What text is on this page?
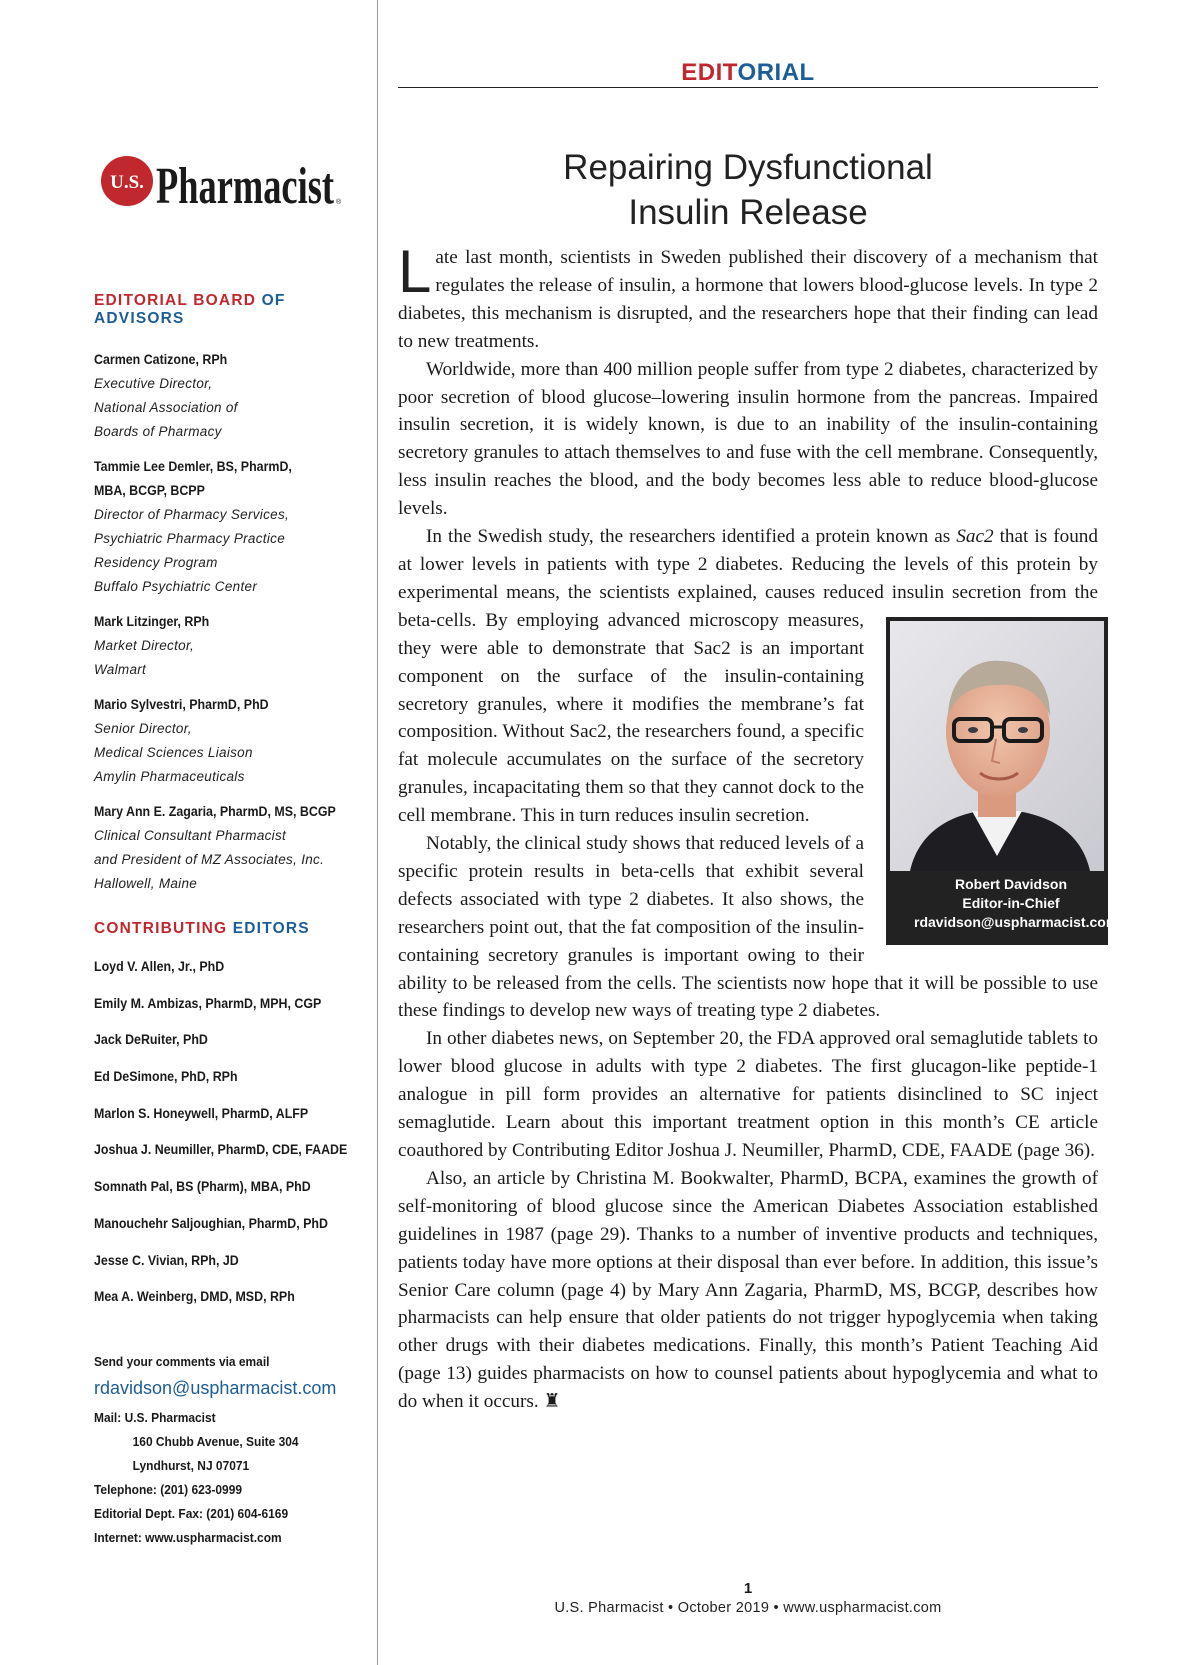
U.S. Pharmacist ®
EDITORIAL BOARD OF ADVISORS
Carmen Catizone, RPh
Executive Director,
National Association of
Boards of Pharmacy
Tammie Lee Demler, BS, PharmD,
MBA, BCGP, BCPP
Director of Pharmacy Services,
Psychiatric Pharmacy Practice
Residency Program
Buffalo Psychiatric Center
Mark Litzinger, RPh
Market Director,
Walmart
Mario Sylvestri, PharmD, PhD
Senior Director,
Medical Sciences Liaison
Amylin Pharmaceuticals
Mary Ann E. Zagaria, PharmD, MS, BCGP
Clinical Consultant Pharmacist
and President of MZ Associates, Inc.
Hallowell, Maine
CONTRIBUTING EDITORS
Loyd V. Allen, Jr., PhD
Emily M. Ambizas, PharmD, MPH, CGP
Jack DeRuiter, PhD
Ed DeSimone, PhD, RPh
Marlon S. Honeywell, PharmD, ALFP
Joshua J. Neumiller, PharmD, CDE, FAADE
Somnath Pal, BS (Pharm), MBA, PhD
Manouchehr Saljoughian, PharmD, PhD
Jesse C. Vivian, RPh, JD
Mea A. Weinberg, DMD, MSD, RPh
Send your comments via email
rdavidson@uspharmacist.com
Mail: U.S. Pharmacist
160 Chubb Avenue, Suite 304
Lyndhurst, NJ 07071
Telephone: (201) 623-0999
Editorial Dept. Fax: (201) 604-6169
Internet: www.uspharmacist.com
EDITORIAL
Repairing Dysfunctional
Insulin Release

Late last month, scientists in Sweden published their discovery of a mechanism that regulates the release of insulin, a hormone that lowers blood-glucose levels. In type 2 diabetes, this mechanism is disrupted, and the researchers hope that their finding can lead to new treatments.

Worldwide, more than 400 million people suffer from type 2 diabetes, characterized by poor secretion of blood glucose–lowering insulin hormone from the pancreas. Impaired insulin secretion, it is widely known, is due to an inability of the insulin-containing secretory granules to attach themselves to and fuse with the cell membrane. Consequently, less insulin reaches the blood, and the body becomes less able to reduce blood-glucose levels.

In the Swedish study, the researchers identified a protein known as Sac2 that is found at lower levels in patients with type 2 diabetes. Reducing the levels of this protein by experimental means, the scientists explained, causes reduced insulin secretion from the beta-cells. By employing advanced
Robert Davidson
Editor-in-Chief
rdavidson@uspharmacist.com
microscopy measures, they were able to demonstrate that Sac2 is an important component on the surface of the insulin-containing secretory granules, where it modifies the membrane’s fat composition. Without Sac2, the researchers found, a specific fat molecule accumulates on the surface of the secretory granules, incapacitating them so that they cannot dock to the cell membrane. This in turn reduces insulin secretion.

Notably, the clinical study shows that reduced levels of a specific protein results in beta-cells that exhibit several defects associated with type 2 diabetes. It also shows, the researchers point out, that the fat composition of the insulin-containing secretory granules is important owing to their ability to be released from the cells. The scientists now hope that it will be possible to use these findings to develop new ways of treating type 2 diabetes.

In other diabetes news, on September 20, the FDA approved oral semaglutide tablets to lower blood glucose in adults with type 2 diabetes. The first glucagon-like peptide-1 analogue in pill form provides an alternative for patients disinclined to SC inject semaglutide. Learn about this important treatment option in this month’s CE article coauthored by Contributing Editor Joshua J. Neumiller, PharmD, CDE, FAADE (page 36).

Also, an article by Christina M. Bookwalter, PharmD, BCPA, examines the growth of self-monitoring of blood glucose since the American Diabetes Association established guidelines in 1987 (page 29). Thanks to a number of inventive products and techniques, patients today have more options at their disposal than ever before. In addition, this issue’s Senior Care column (page 4) by Mary Ann Zagaria, PharmD, MS, BCGP, describes how pharmacists can help ensure that older patients do not trigger hypoglycemia when taking other drugs with their diabetes medications. Finally, this month’s Patient Teaching Aid (page 13) guides pharmacists on how to counsel patients about hypoglycemia and what to do when it occurs. ♜

1
U.S. Pharmacist • October 2019 • www.uspharmacist.com
